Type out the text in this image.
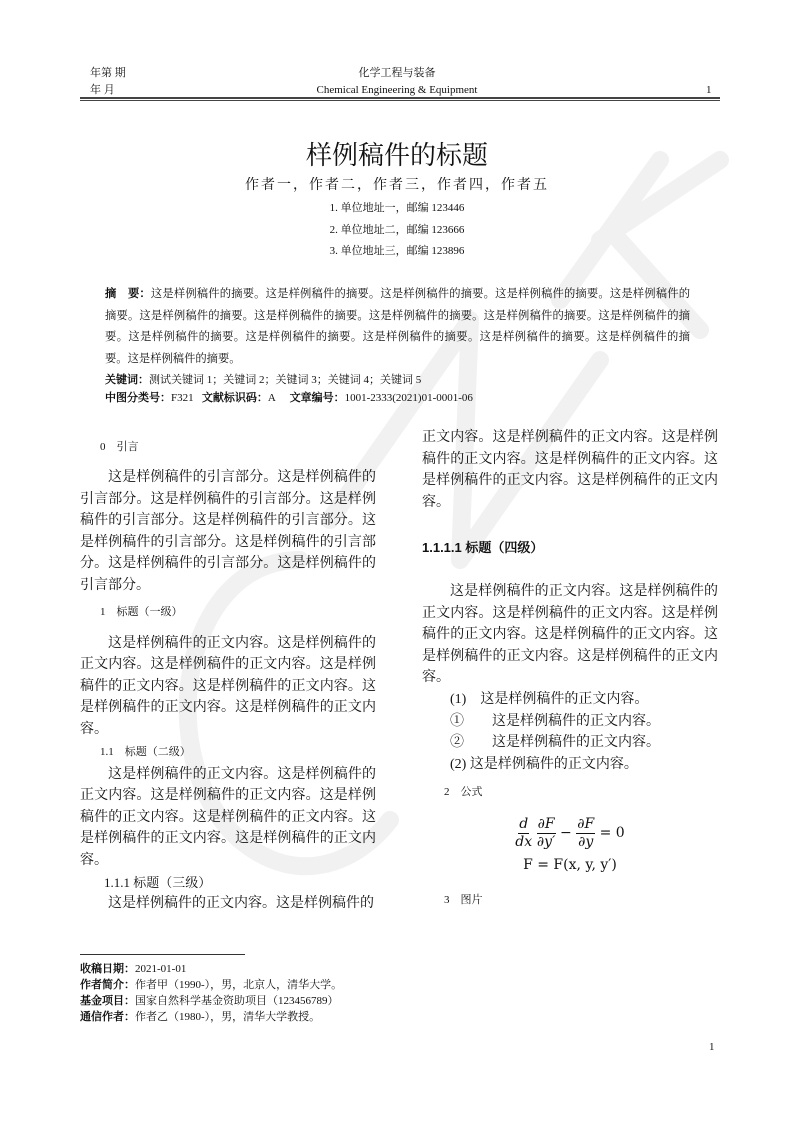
年第 期
年 月
化学工程与装备
Chemical Engineering & Equipment	1
样例稿件的标题
作者一，作者二，作者三，作者四，作者五
1. 单位地址一，邮编 123446
2. 单位地址二，邮编 123666
3. 单位地址三，邮编 123896
摘　要：这是样例稿件的摘要。这是样例稿件的摘要。这是样例稿件的摘要。这是样例稿件的摘要。这是样例稿件的摘要。这是样例稿件的摘要。这是样例稿件的摘要。这是样例稿件的摘要。这是样例稿件的摘要。这是样例稿件的摘要。这是样例稿件的摘要。这是样例稿件的摘要。这是样例稿件的摘要。这是样例稿件的摘要。这是样例稿件的摘要。这是样例稿件的摘要。
关键词：测试关键词 1；关键词 2；关键词 3；关键词 4；关键词 5
中图分类号：F321 文献标识码：A 文章编号：1001-2333(2021)01-0001-06
0　引言

这是样例稿件的引言部分。这是样例稿件的引言部分。这是样例稿件的引言部分。这是样例稿件的引言部分。这是样例稿件的引言部分。这是样例稿件的引言部分。这是样例稿件的引言部分。这是样例稿件的引言部分。这是样例稿件的引言部分。

1　标题（一级）

这是样例稿件的正文内容。这是样例稿件的正文内容。这是样例稿件的正文内容。这是样例稿件的正文内容。这是样例稿件的正文内容。这是样例稿件的正文内容。这是样例稿件的正文内容。

1.1　标题（二级）

这是样例稿件的正文内容。这是样例稿件的正文内容。这是样例稿件的正文内容。这是样例稿件的正文内容。这是样例稿件的正文内容。这是样例稿件的正文内容。这是样例稿件的正文内容。

1.1.1 标题（三级）

这是样例稿件的正文内容。这是样例稿件的

正文内容。这是样例稿件的正文内容。这是样例稿件的正文内容。这是样例稿件的正文内容。这是样例稿件的正文内容。这是样例稿件的正文内容。

1.1.1.1 标题（四级）

这是样例稿件的正文内容。这是样例稿件的正文内容。这是样例稿件的正文内容。这是样例稿件的正文内容。这是样例稿件的正文内容。这是样例稿件的正文内容。这是样例稿件的正文内容。

(1)　这是样例稿件的正文内容。
①　　这是样例稿件的正文内容。
②　　这是样例稿件的正文内容。
(2) 这是样例稿件的正文内容。
2　公式
$\frac{d}{dx}$
$\frac{\partial F}{\partial y'} - \frac{\partial F}{\partial y} = 0$
F = F(x, y, y′)
3　图片
收稿日期：2021-01-01
作者简介：作者甲（1990-），男，北京人，清华大学。
基金项目：国家自然科学基金资助项目（123456789）
通信作者：作者乙（1980-），男，清华大学教授。
1
